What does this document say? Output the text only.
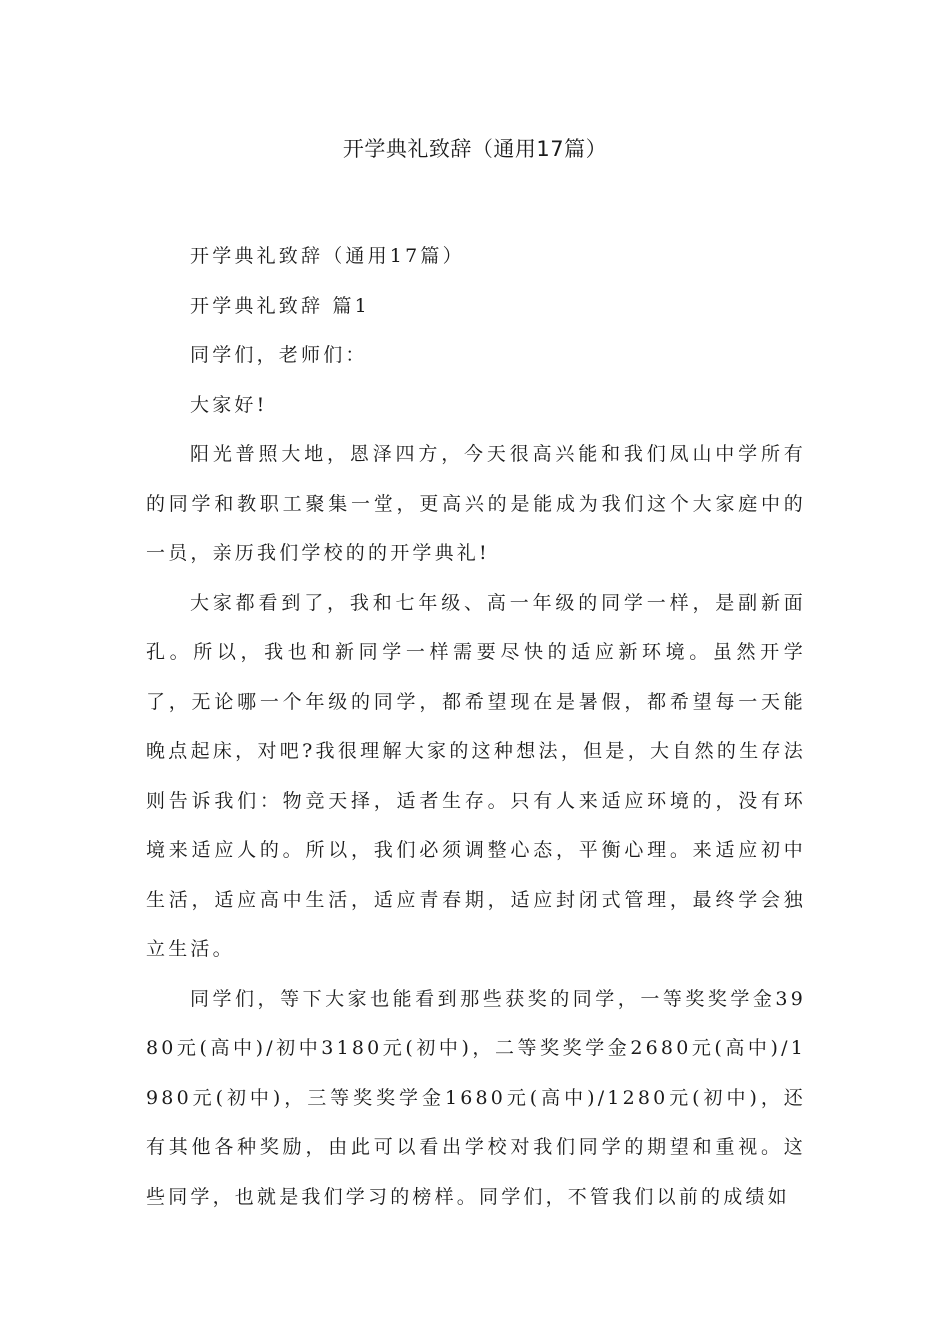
开学典礼致辞（通用17篇）

开学典礼致辞（通用17篇）

开学典礼致辞 篇1

同学们，老师们：

大家好!

阳光普照大地，恩泽四方，今天很高兴能和我们凤山中学所有的同学和教职工聚集一堂，更高兴的是能成为我们这个大家庭中的一员，亲历我们学校的的开学典礼!

大家都看到了，我和七年级、高一年级的同学一样，是副新面孔。所以，我也和新同学一样需要尽快的适应新环境。虽然开学了，无论哪一个年级的同学，都希望现在是暑假，都希望每一天能晚点起床，对吧?我很理解大家的这种想法，但是，大自然的生存法则告诉我们：物竞天择，适者生存。只有人来适应环境的，没有环境来适应人的。所以，我们必须调整心态，平衡心理。来适应初中生活，适应高中生活，适应青春期，适应封闭式管理，最终学会独立生活。

同学们，等下大家也能看到那些获奖的同学，一等奖奖学金3980元(高中)/初中3180元(初中)，二等奖奖学金2680元(高中)/1980元(初中)，三等奖奖学金1680元(高中)/1280元(初中)，还有其他各种奖励，由此可以看出学校对我们同学的期望和重视。这些同学，也就是我们学习的榜样。同学们，不管我们以前的成绩如
